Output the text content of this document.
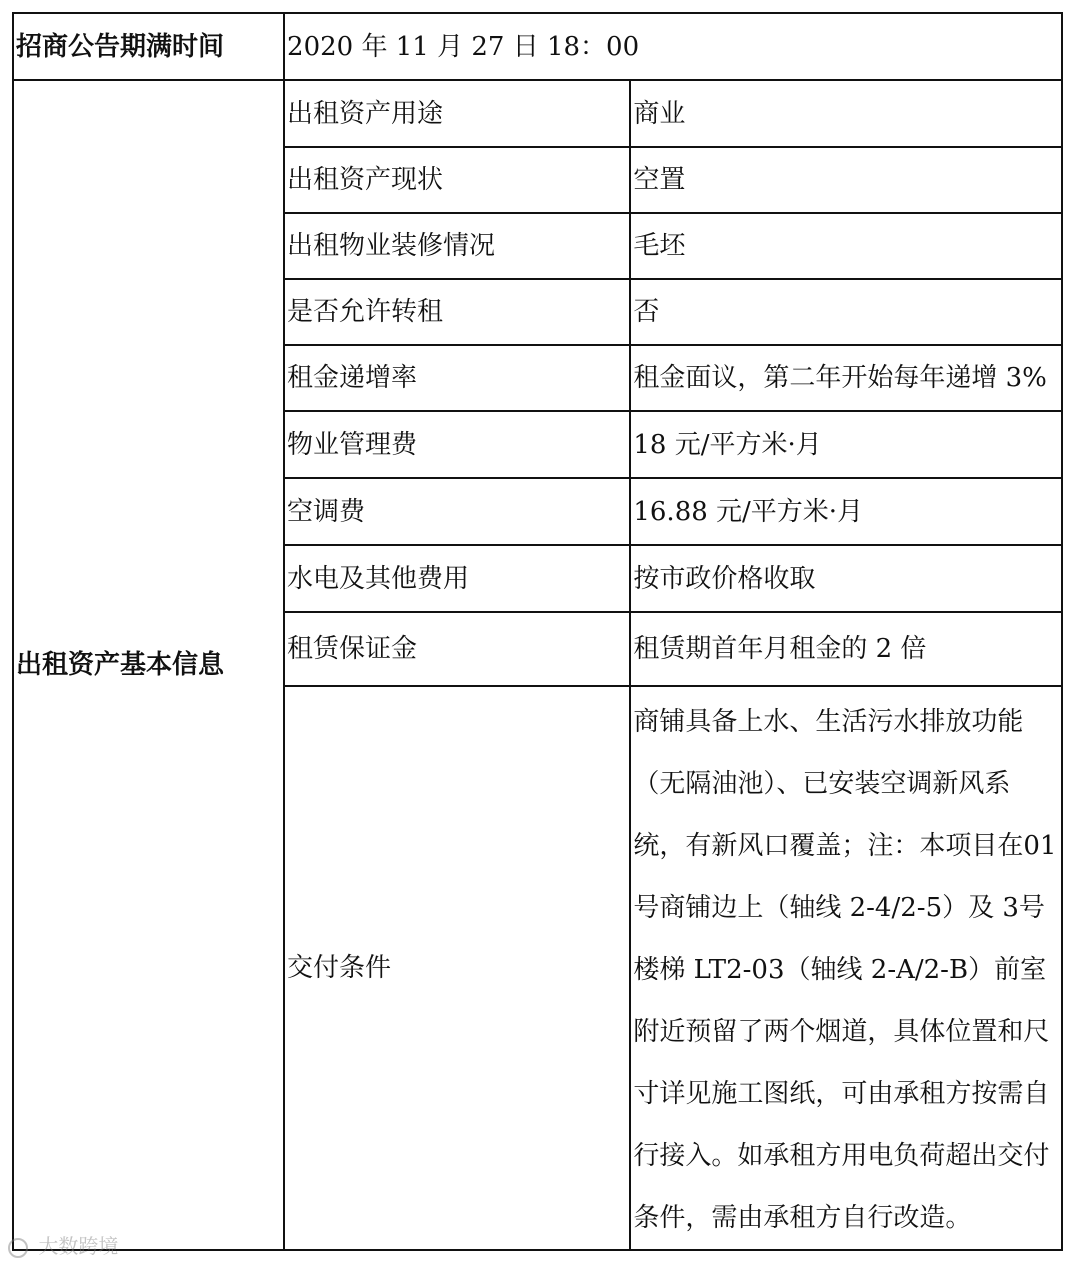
招商公告期满时间	2020 年 11 月 27 日 18：00	
出租资产基本信息	出租资产用途	商业
	出租资产现状	空置
	出租物业装修情况	毛坯
	是否允许转租	否
	租金递增率	租金面议，第二年开始每年递增 3%
	物业管理费	18 元/平方米·月
	空调费	16.88 元/平方米·月
	水电及其他费用	按市政价格收取
	租赁保证金	租赁期首年月租金的 2 倍
	交付条件	商铺具备上水、生活污水排放功能（无隔油池）、已安装空调新风系统，有新风口覆盖；注：本项目在01 号商铺边上（轴线 2-4/2-5）及 3号楼梯 LT2-03（轴线 2-A/2-B）前室附近预留了两个烟道，具体位置和尺寸详见施工图纸，可由承租方按需自行接入。如承租方用电负荷超出交付条件，需由承租方自行改造。
大数跨境
